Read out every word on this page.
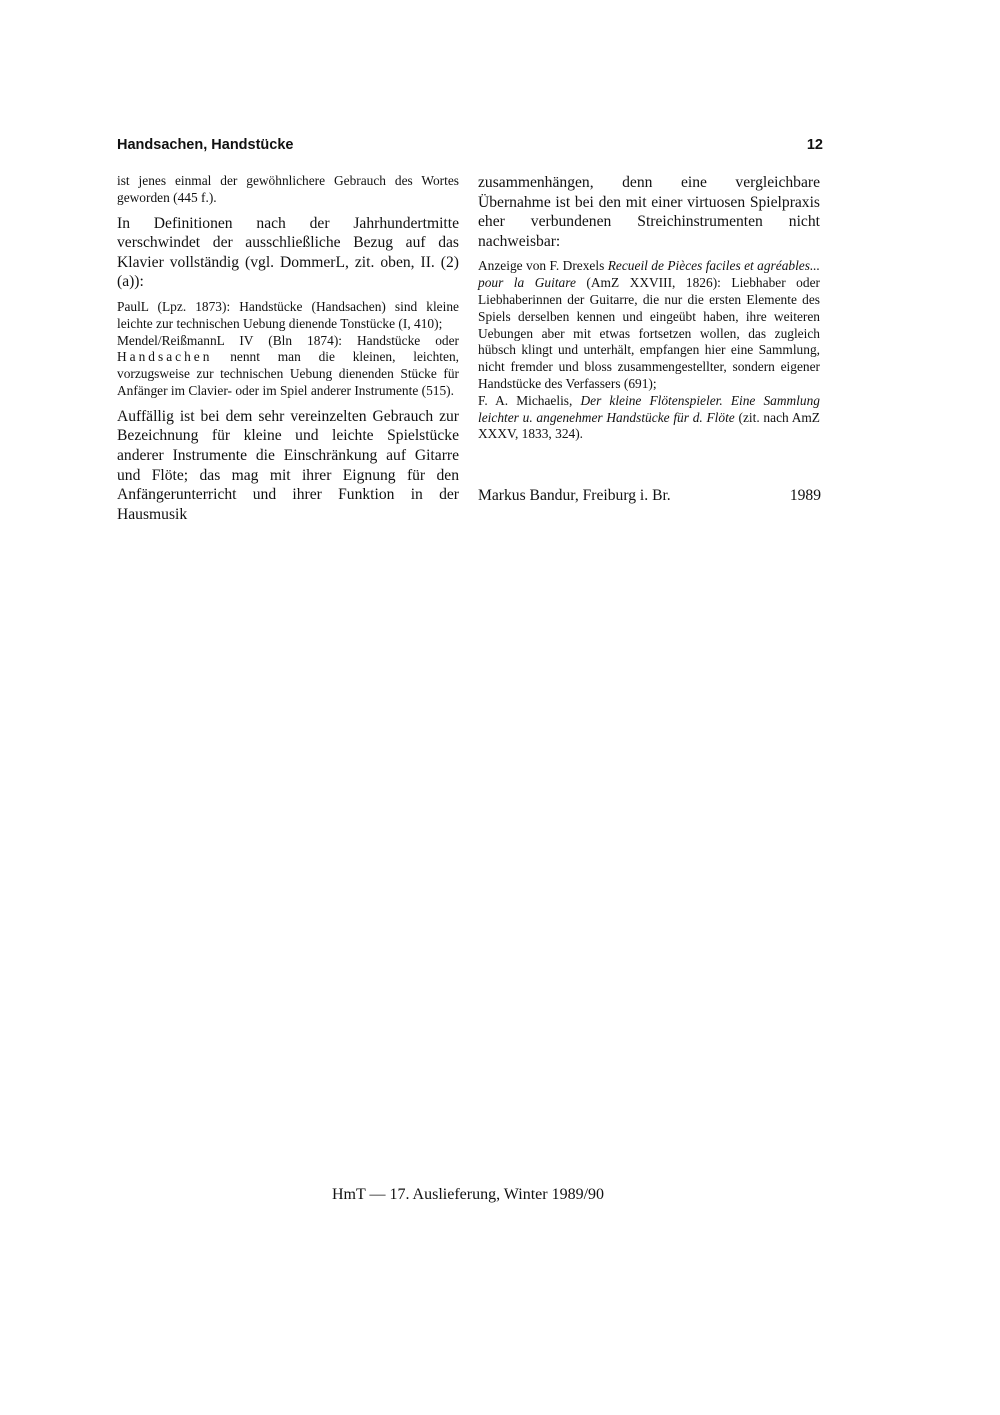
Handsachen, Handstücke	12

ist jenes einmal der gewöhnlichere Gebrauch des Wortes geworden (445 f.).

In Definitionen nach der Jahrhundertmitte verschwindet der ausschließliche Bezug auf das Klavier vollständig (vgl. DommerL, zit. oben, II. (2)(a)):

PaulL (Lpz. 1873): Handstücke (Handsachen) sind kleine leichte zur technischen Uebung dienende Tonstücke (I, 410);

Mendel/ReißmannL IV (Bln 1874): Handstücke oder Handsachen nennt man die kleinen, leichten, vorzugsweise zur technischen Uebung dienenden Stücke für Anfänger im Clavier- oder im Spiel anderer Instrumente (515).

Auffällig ist bei dem sehr vereinzelten Gebrauch zur Bezeichnung für kleine und leichte Spielstücke anderer Instrumente die Einschränkung auf Gitarre und Flöte; das mag mit ihrer Eignung für den Anfängerunterricht und ihrer Funktion in der Hausmusik

zusammenhängen, denn eine vergleichbare Übernahme ist bei den mit einer virtuosen Spielpraxis eher verbundenen Streichinstrumenten nicht nachweisbar:

Anzeige von F. Drexels Recueil de Pièces faciles et agréables... pour la Guitare (AmZ XXVIII, 1826): Liebhaber oder Liebhaberinnen der Guitarre, die nur die ersten Elemente des Spiels derselben kennen und eingeübt haben, ihre weiteren Uebungen aber mit etwas fortsetzen wollen, das zugleich hübsch klingt und unterhält, empfangen hier eine Sammlung, nicht fremder und bloss zusammengestellter, sondern eigener Handstücke des Verfassers (691);

F. A. Michaelis, Der kleine Flötenspieler. Eine Sammlung leichter u. angenehmer Handstücke für d. Flöte (zit. nach AmZ XXXV, 1833, 324).

Markus Bandur, Freiburg i. Br.	1989
HmT — 17. Auslieferung, Winter 1989/90
